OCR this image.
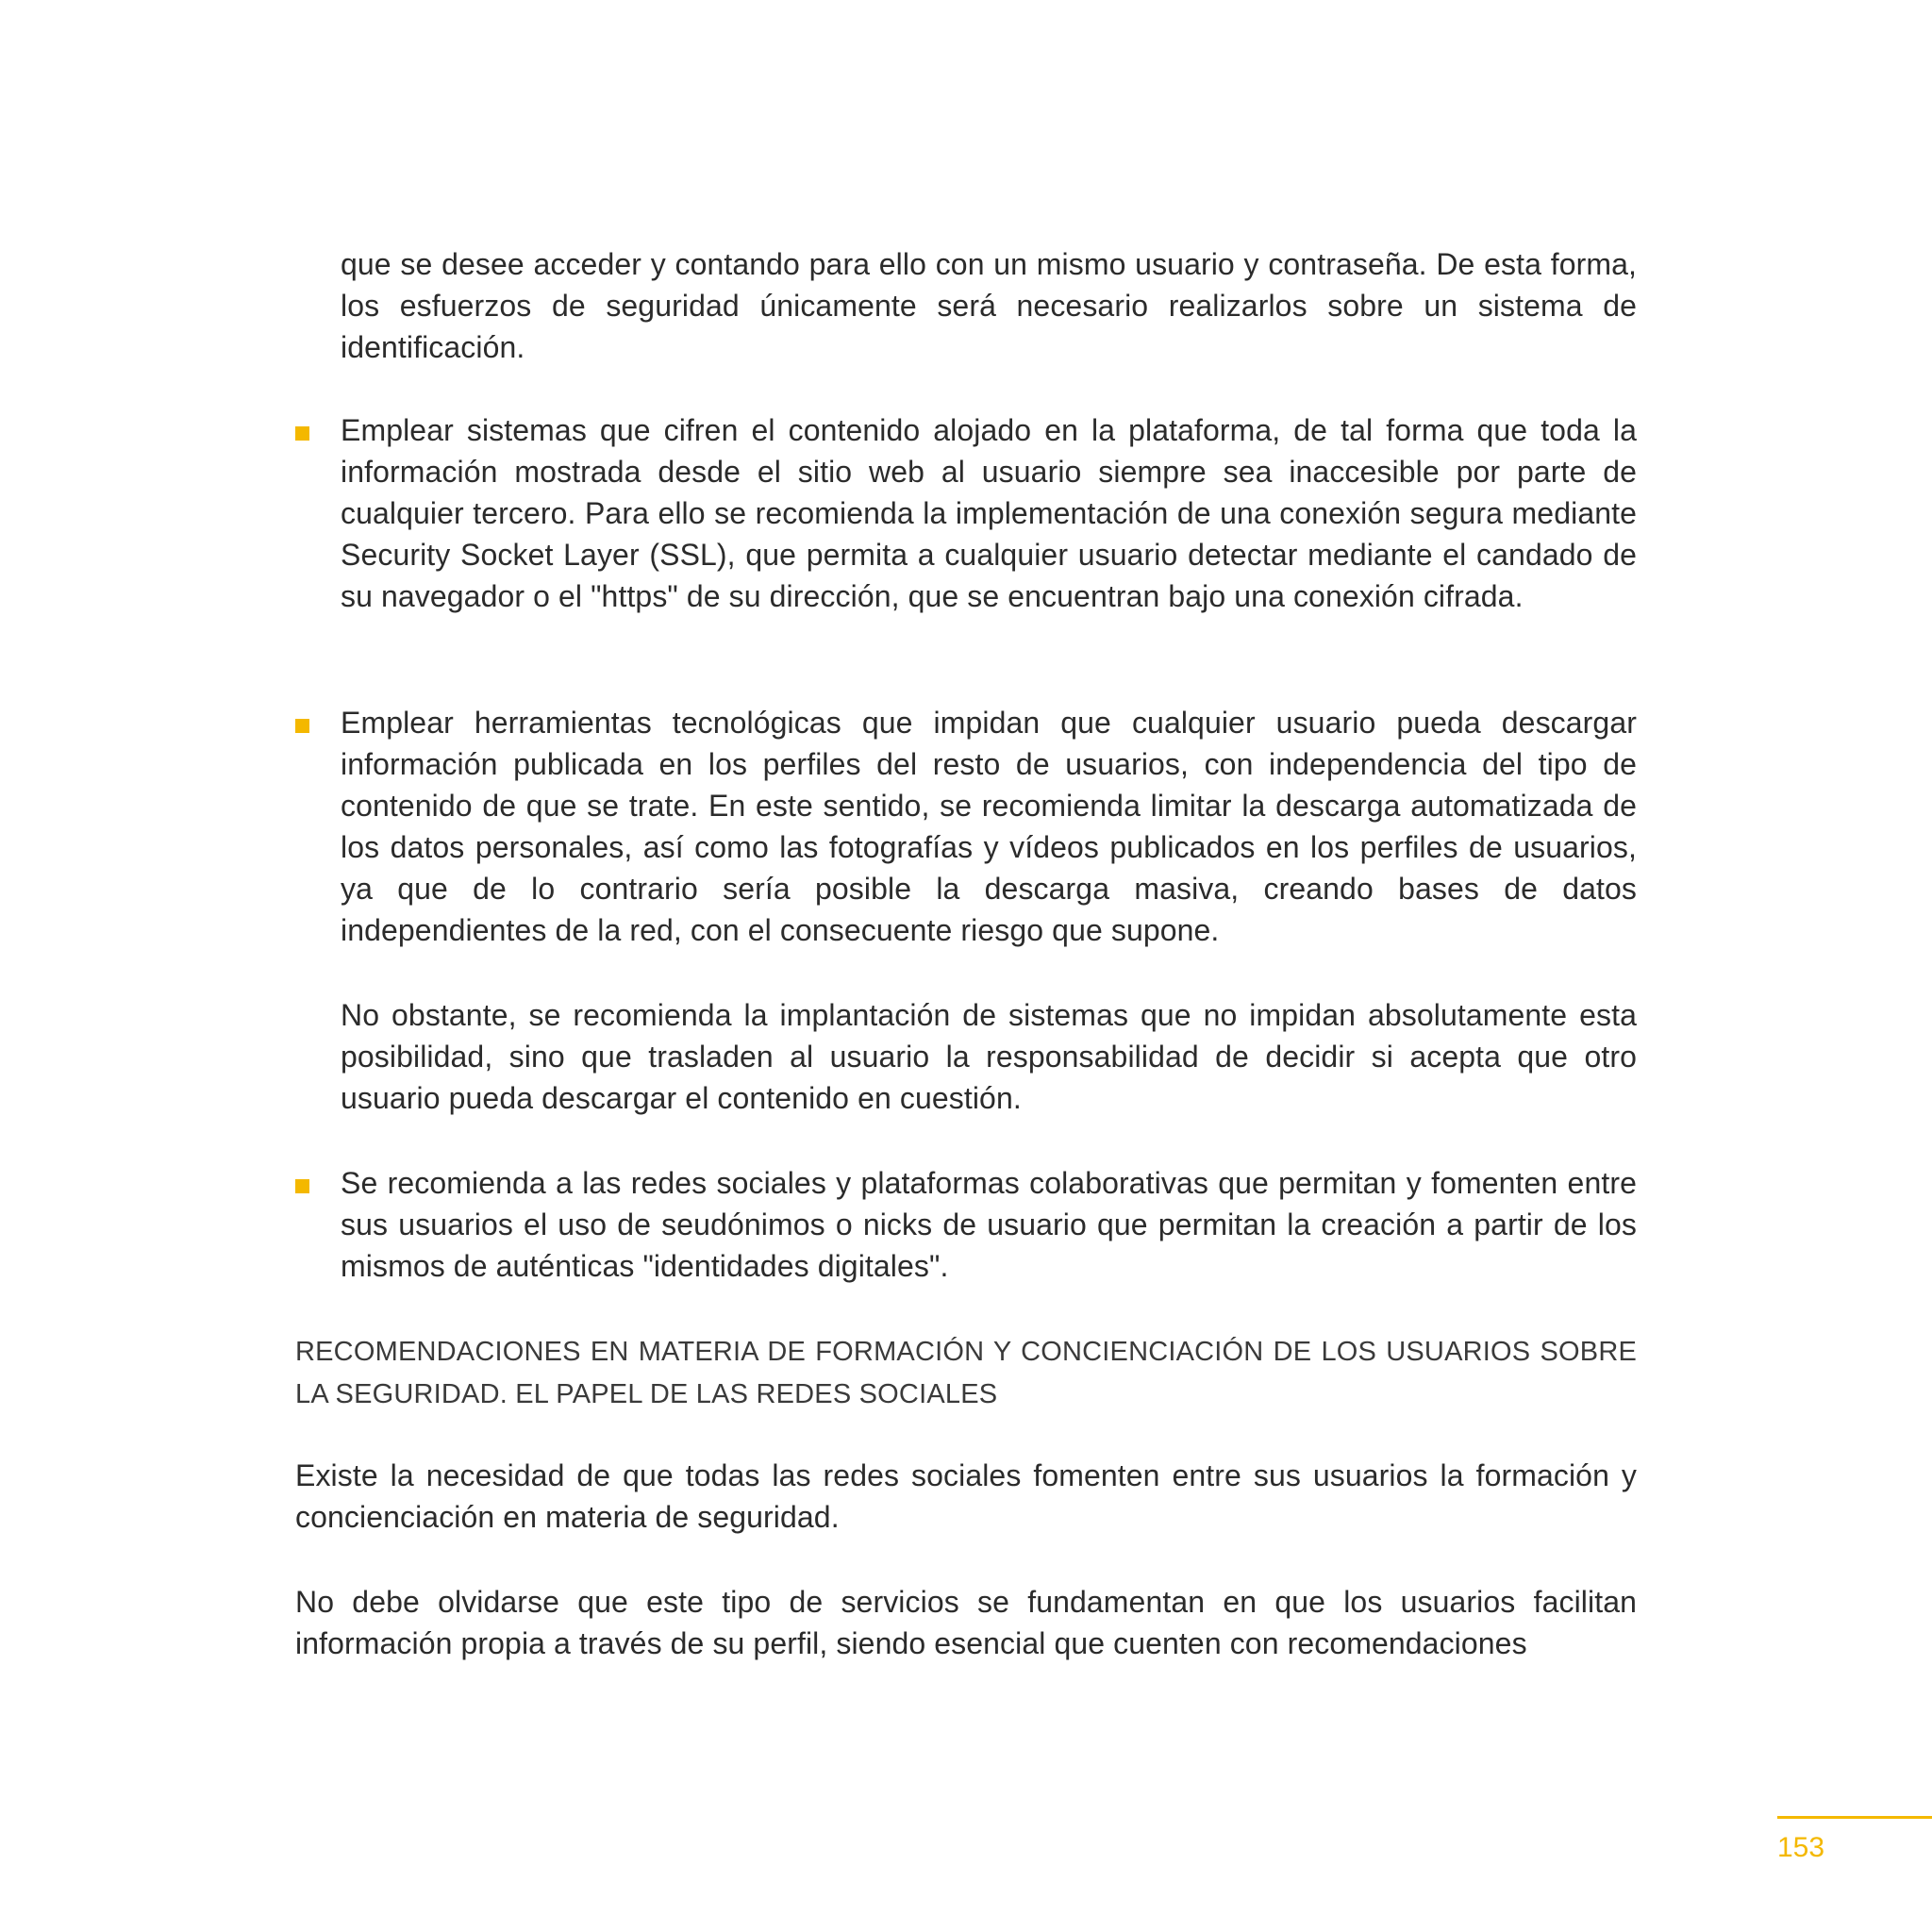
que se desee acceder y contando para ello con un mismo usuario y contraseña. De esta forma, los esfuerzos de seguridad únicamente será necesario realizarlos sobre un sistema de identificación.

Emplear sistemas que cifren el contenido alojado en la plataforma, de tal forma que toda la información mostrada desde el sitio web al usuario siempre sea inaccesible por parte de cualquier tercero. Para ello se recomienda la implementación de una conexión segura mediante Security Socket Layer (SSL), que permita a cualquier usuario detectar mediante el candado de su navegador o el "https" de su dirección, que se encuentran bajo una conexión cifrada.

Emplear herramientas tecnológicas que impidan que cualquier usuario pueda descargar información publicada en los perfiles del resto de usuarios, con independencia del tipo de contenido de que se trate. En este sentido, se recomienda limitar la descarga automatizada de los datos personales, así como las fotografías y vídeos publicados en los perfiles de usuarios, ya que de lo contrario sería posible la descarga masiva, creando bases de datos independientes de la red, con el consecuente riesgo que supone.

No obstante, se recomienda la implantación de sistemas que no impidan absolutamente esta posibilidad, sino que trasladen al usuario la responsabilidad de decidir si acepta que otro usuario pueda descargar el contenido en cuestión.

Se recomienda a las redes sociales y plataformas colaborativas que permitan y fomenten entre sus usuarios el uso de seudónimos o nicks de usuario que permitan la creación a partir de los mismos de auténticas "identidades digitales".

RECOMENDACIONES EN MATERIA DE FORMACIÓN Y CONCIENCIACIÓN DE LOS USUARIOS SOBRE LA SEGURIDAD. EL PAPEL DE LAS REDES SOCIALES

Existe la necesidad de que todas las redes sociales fomenten entre sus usuarios la formación y concienciación en materia de seguridad.

No debe olvidarse que este tipo de servicios se fundamentan en que los usuarios facilitan información propia a través de su perfil, siendo esencial que cuenten con recomendaciones

153
